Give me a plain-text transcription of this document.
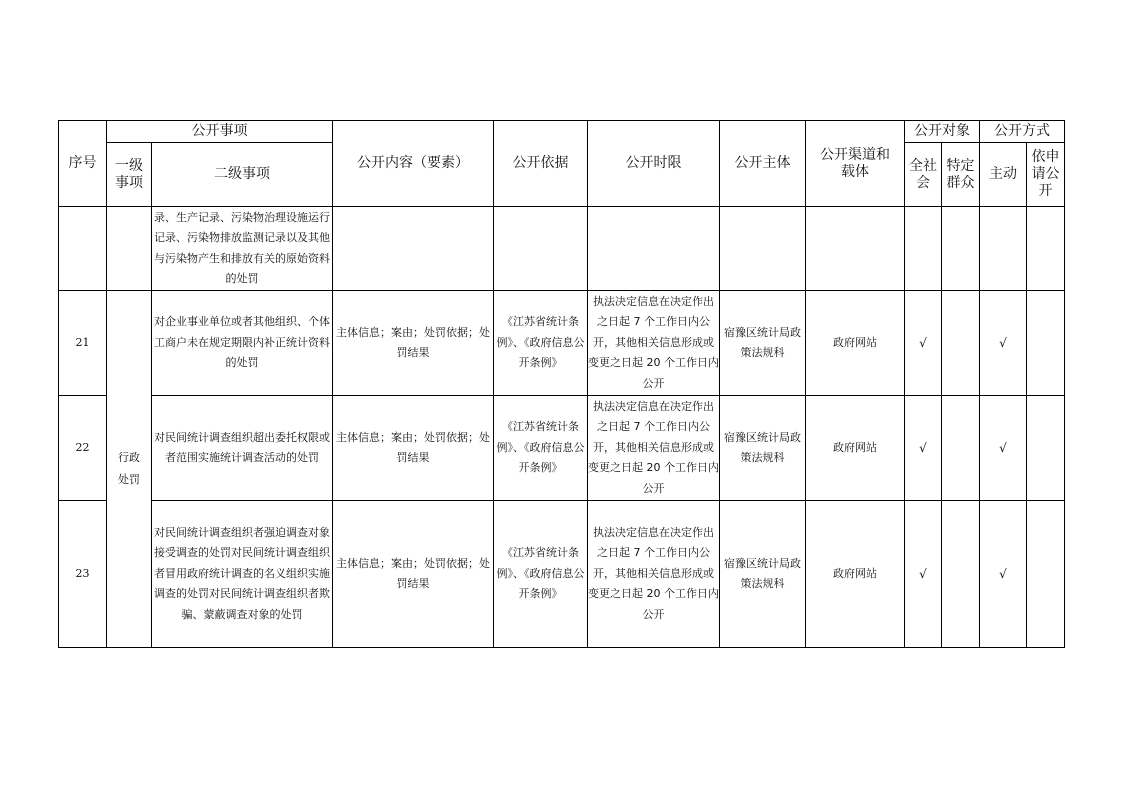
序号	公开事项		公开内容（要素）	公开依据	公开时限	公开主体	公开渠道和载体	公开对象		公开方式	
	一级事项	二级事项						全社会	特定群众	主动	依申请公开
		录、生产记录、污染物治理设施运行记录、污染物排放监测记录以及其他与污染物产生和排放有关的原始资料的处罚									
21	行政处罚	对企业事业单位或者其他组织、个体工商户未在规定期限内补正统计资料的处罚	主体信息；案由；处罚依据；处罚结果	《江苏省统计条例》、《政府信息公开条例》	执法决定信息在决定作出之日起 7 个工作日内公开，其他相关信息形成或变更之日起 20 个工作日内公开	宿豫区统计局政策法规科	政府网站	√		√	
22		对民间统计调查组织超出委托权限或者范围实施统计调查活动的处罚	主体信息；案由；处罚依据；处罚结果	《江苏省统计条例》、《政府信息公开条例》	执法决定信息在决定作出之日起 7 个工作日内公开，其他相关信息形成或变更之日起 20 个工作日内公开	宿豫区统计局政策法规科	政府网站	√		√	
23		对民间统计调查组织者强迫调查对象接受调查的处罚对民间统计调查组织者冒用政府统计调查的名义组织实施调查的处罚对民间统计调查组织者欺骗、蒙蔽调查对象的处罚	主体信息；案由；处罚依据；处罚结果	《江苏省统计条例》、《政府信息公开条例》	执法决定信息在决定作出之日起 7 个工作日内公开，其他相关信息形成或变更之日起 20 个工作日内公开	宿豫区统计局政策法规科	政府网站	√		√	
